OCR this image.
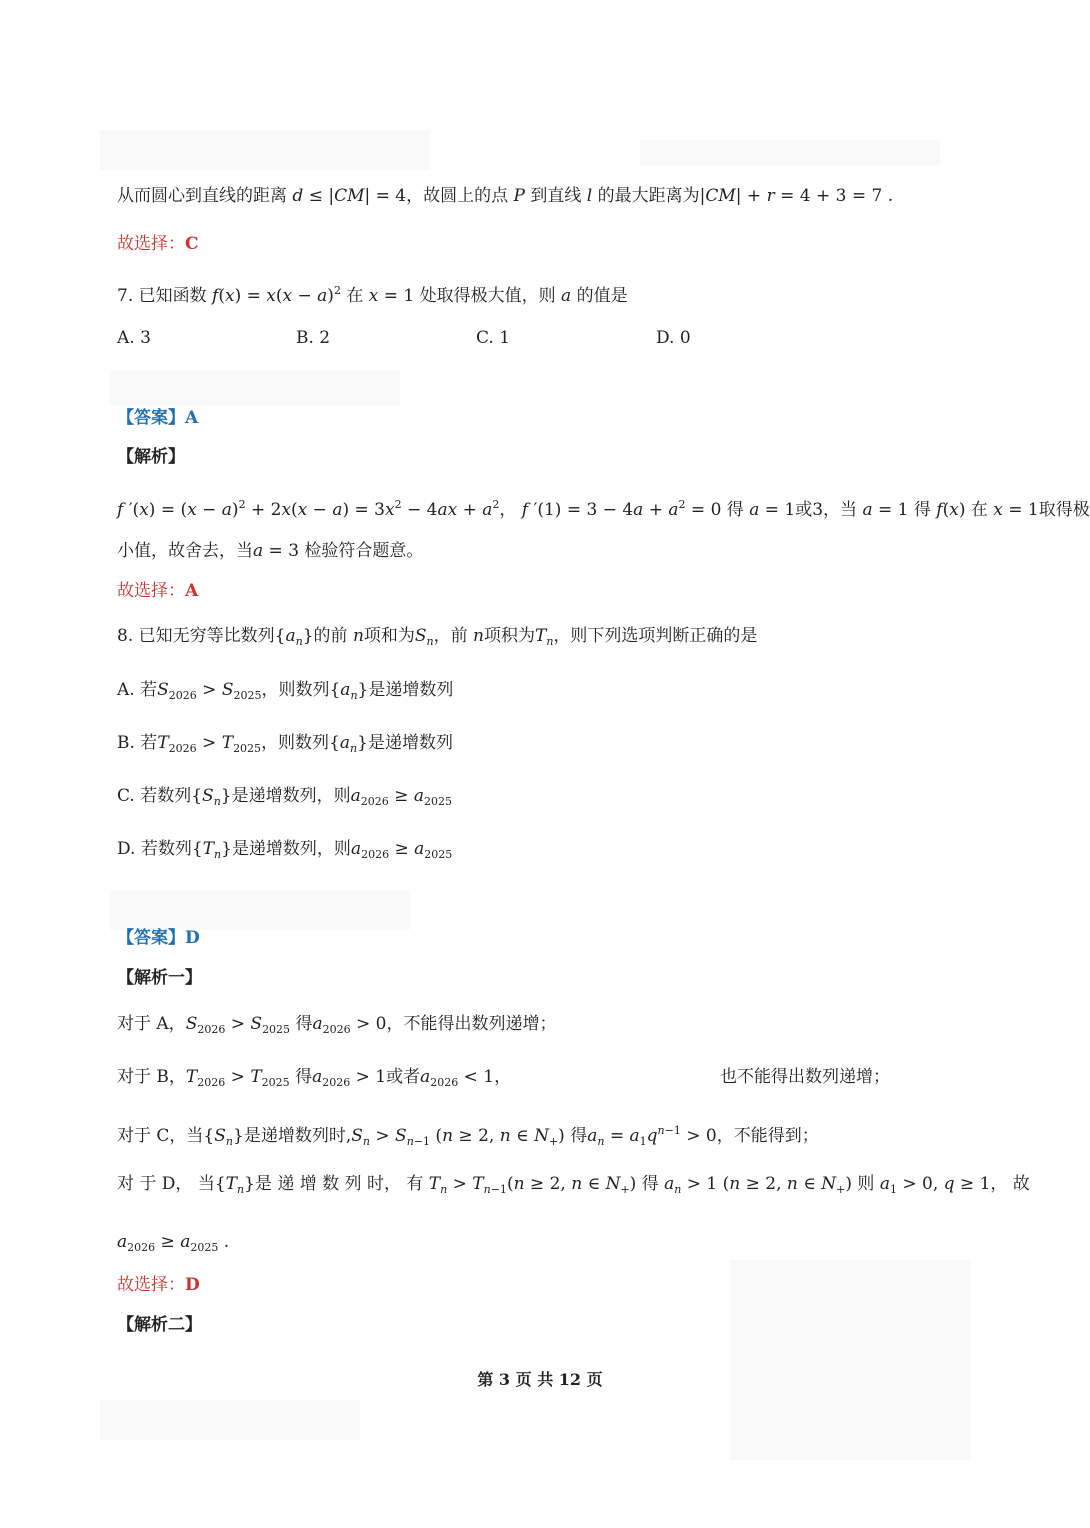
从而圆心到直线的距离 d ≤ |CM| = 4，故圆上的点 P 到直线 l 的最大距离为|CM| + r = 4 + 3 = 7 .
故选择：C
7. 已知函数 $f(x) = x(x - a)^2$ 在 x = 1 处取得极大值，则 a 的值是
A. 3	B. 2	C. 1	D. 0
【答案】A
【解析】
f $'(x) = (x - a)^2 + 2x(x - a) = 3x^2 - 4ax + a^2$， f $'(1) = 3 - 4a + a^2 = 0$ 得 a = 1或3，当 a = 1 得 f(x) 在 x = 1取得极
小值，故舍去，当a = 3 检验符合题意。
故选择：A
8. 已知无穷等比数列$\{a_n\}$的前 n项和为$S_n$，前 n项积为$T_n$，则下列选项判断正确的是
A. 若$S_{2026} > S_{2025}$，则数列$\{a_n\}$是递增数列
B. 若$T_{2026} > T_{2025}$，则数列$\{a_n\}$是递增数列
C. 若数列$\{S_n\}$是递增数列，则$a_{2026} \ge a_{2025}$
D. 若数列$\{T_n\}$是递增数列，则$a_{2026} \ge a_{2025}$
【答案】D
【解析一】
对于 A，$S_{2026} > S_{2025}$ 得$a_{2026} > 0$，不能得出数列递增；
对于 B，$T_{2026} > T_{2025}$ 得$a_{2026} > 1$或者$a_{2026} < 1$，	也不能得出数列递增；
对于 C，当$\{S_n\}$是递增数列时$,S_n > S_{n-1}$ (n ≥ 2, n ∈ $N_+$) 得$a_n = a_1q^{n-1} > 0$，不能得到；
对 于 D， 当$\{T_n\}$是 递 增 数 列 时， 有 $T_n > T_{n-1}(n \ge 2$, n ∈ $N_+$) 得 $a_n > 1$ (n ≥ 2, n ∈ $N_+$) 则 $a_1 > 0$, q ≥ 1， 故
$a_{2026} \ge a_{2025}$ .
故选择：D
【解析二】
第 3 页 共 12 页
